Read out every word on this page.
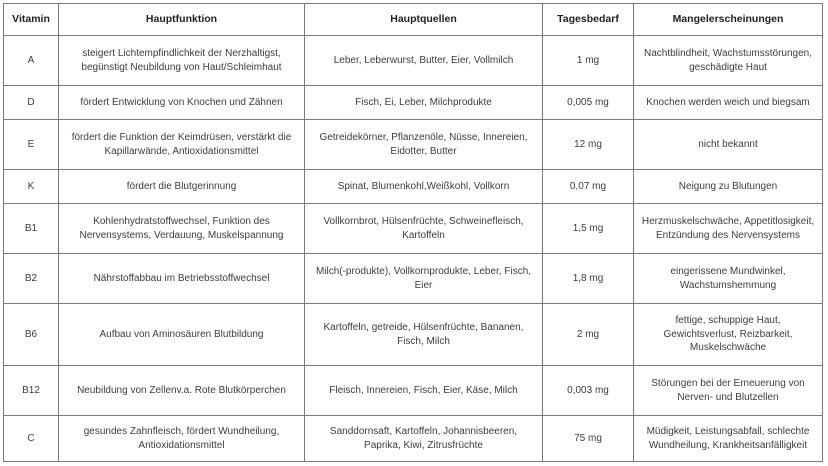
Vitamin	Hauptfunktion	Hauptquellen	Tagesbedarf	Mangelerscheinungen
A	steigert Lichtempfindlichkeit der Nerzhaltigst, begünstigt Neubildung von Haut/Schleimhaut	Leber, Leberwurst, Butter, Eier, Vollmilch	1 mg	Nachtblindheit, Wachstumsstörungen, geschädigte Haut
D	fördert Entwicklung von Knochen und Zähnen	Fisch, Ei, Leber, Milchprodukte	0,005 mg	Knochen werden weich und biegsam
E	fördert die Funktion der Keimdrüsen, verstärkt die Kapillarwände, Antioxidationsmittel	Getreidekörner, Pflanzenöle, Nüsse, Innereien, Eidotter, Butter	12 mg	nicht bekannt
K	fördert die Blutgerinnung	Spinat, Blumenkohl,Weißkohl, Vollkorn	0,07 mg	Neigung zu Blutungen
B1	Kohlenhydratstoffwechsel, Funktion des Nervensystems, Verdauung, Muskelspannung	Vollkornbrot, Hülsenfrüchte, Schweinefleisch, Kartoffeln	1,5 mg	Herzmuskelschwäche, Appetitlosigkeit, Entzündung des Nervensystems
B2	Nährstoffabbau im Betriebsstoffwechsel	Milch(-produkte), Vollkornprodukte, Leber, Fisch, Eier	1,8 mg	eingerissene Mundwinkel, Wachstumshemmung
B6	Aufbau von Aminosäuren Blutbildung	Kartoffeln, getreide, Hülsenfrüchte, Bananen, Fisch, Milch	2 mg	fettige, schuppige Haut, Gewichtsverlust, Reizbarkeit, Muskelschwäche
B12	Neubildung von Zellenv.a. Rote Blutkörperchen	Fleisch, Innereien, Fisch, Eier, Käse, Milch	0,003 mg	Störungen bei der Erneuerung von Nerven- und Blutzellen
C	gesundes Zahnfleisch, fördert Wundheilung, Antioxidationsmittel	Sanddornsaft, Kartoffeln, Johannisbeeren, Paprika, Kiwi, Zitrusfrüchte	75 mg	Müdigkeit, Leistungsabfall, schlechte Wundheilung, Krankheitsanfälligkeit
